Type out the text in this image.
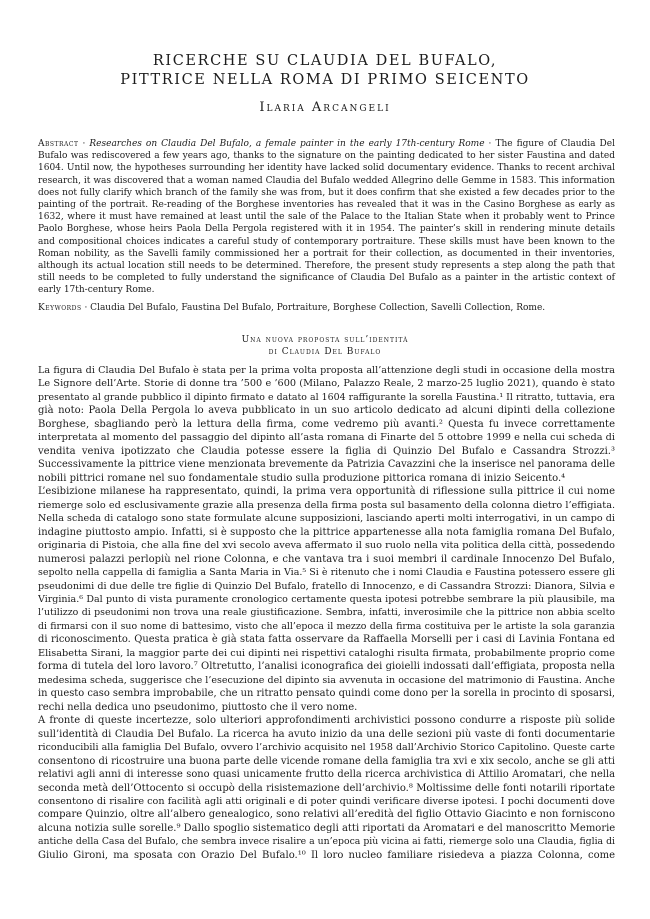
RICERCHE SU CLAUDIA DEL BUFALO,
PITTRICE NELLA ROMA DI PRIMO SEICENTO
Ilaria Arcangeli
Abstract · Researches on Claudia Del Bufalo, a female painter in the early 17th-century Rome · The figure of Claudia Del Bufalo was rediscovered a few years ago, thanks to the signature on the painting dedicated to her sister Faustina and dated 1604. Until now, the hypotheses surrounding her identity have lacked solid documentary evidence. Thanks to recent archival research, it was discovered that a woman named Claudia del Bufalo wedded Allegrino delle Gemme in 1583. This information does not fully clarify which branch of the family she was from, but it does confirm that she existed a few decades prior to the painting of the portrait. Re-reading of the Borghese inventories has revealed that it was in the Casino Borghese as early as 1632, where it must have remained at least until the sale of the Palace to the Italian State when it probably went to Prince Paolo Borghese, whose heirs Paola Della Pergola registered with it in 1954. The painter’s skill in rendering minute details and compositional choices indicates a careful study of contemporary portraiture. These skills must have been known to the Roman nobility, as the Savelli family commissioned her a portrait for their collection, as documented in their inventories, although its actual location still needs to be determined. Therefore, the present study represents a step along the path that still needs to be completed to fully understand the significance of Claudia Del Bufalo as a painter in the artistic context of early 17th-century Rome.
Keywords · Claudia Del Bufalo, Faustina Del Bufalo, Portraiture, Borghese Collection, Savelli Collection, Rome.
Una nuova proposta sull’identità
di Claudia Del Bufalo
La figura di Claudia Del Bufalo è stata per la prima volta proposta all’attenzione degli studi in occasione della mostra
Le Signore dell’Arte. Storie di donne tra ’500 e ’600 (Milano, Palazzo Reale, 2 marzo-25 luglio 2021), quando è stato
presentato al grande pubblico il dipinto firmato e datato al 1604 raffigurante la sorella Faustina.¹ Il ritratto, tuttavia, era
già noto: Paola Della Pergola lo aveva pubblicato in un suo articolo dedicato ad alcuni dipinti della collezione
Borghese, sbagliando però la lettura della firma, come vedremo più avanti.² Questa fu invece correttamente
interpretata al momento del passaggio del dipinto all’asta romana di Finarte del 5 ottobre 1999 e nella cui scheda di
vendita veniva ipotizzato che Claudia potesse essere la figlia di Quinzio Del Bufalo e Cassandra Strozzi.³
Successivamente la pittrice viene menzionata brevemente da Patrizia Cavazzini che la inserisce nel panorama delle
nobili pittrici romane nel suo fondamentale studio sulla produzione pittorica romana di inizio Seicento.⁴
L’esibizione milanese ha rappresentato, quindi, la prima vera opportunità di riflessione sulla pittrice il cui nome
riemerge solo ed esclusivamente grazie alla presenza della firma posta sul basamento della colonna dietro l’effigiata.
Nella scheda di catalogo sono state formulate alcune supposizioni, lasciando aperti molti interrogativi, in un campo di
indagine piuttosto ampio. Infatti, si è supposto che la pittrice appartenesse alla nota famiglia romana Del Bufalo,
originaria di Pistoia, che alla fine del xvi secolo aveva affermato il suo ruolo nella vita politica della città, possedendo
numerosi palazzi perlopiù nel rione Colonna, e che vantava tra i suoi membri il cardinale Innocenzo Del Bufalo,
sepolto nella cappella di famiglia a Santa Maria in Via.⁵ Si è ritenuto che i nomi Claudia e Faustina potessero essere gli
pseudonimi di due delle tre figlie di Quinzio Del Bufalo, fratello di Innocenzo, e di Cassandra Strozzi: Dianora, Silvia e
Virginia.⁶ Dal punto di vista puramente cronologico certamente questa ipotesi potrebbe sembrare la più plausibile, ma
l’utilizzo di pseudonimi non trova una reale giustificazione. Sembra, infatti, inverosimile che la pittrice non abbia scelto
di firmarsi con il suo nome di battesimo, visto che all’epoca il mezzo della firma costituiva per le artiste la sola garanzia
di riconoscimento. Questa pratica è già stata fatta osservare da Raffaella Morselli per i casi di Lavinia Fontana ed
Elisabetta Sirani, la maggior parte dei cui dipinti nei rispettivi cataloghi risulta firmata, probabilmente proprio come
forma di tutela del loro lavoro.⁷ Oltretutto, l’analisi iconografica dei gioielli indossati dall’effigiata, proposta nella
medesima scheda, suggerisce che l’esecuzione del dipinto sia avvenuta in occasione del matrimonio di Faustina. Anche
in questo caso sembra improbabile, che un ritratto pensato quindi come dono per la sorella in procinto di sposarsi,
rechi nella dedica uno pseudonimo, piuttosto che il vero nome.
A fronte di queste incertezze, solo ulteriori approfondimenti archivistici possono condurre a risposte più solide
sull’identità di Claudia Del Bufalo. La ricerca ha avuto inizio da una delle sezioni più vaste di fonti documentarie
riconducibili alla famiglia Del Bufalo, ovvero l’archivio acquisito nel 1958 dall’Archivio Storico Capitolino. Queste carte
consentono di ricostruire una buona parte delle vicende romane della famiglia tra xvi e xix secolo, anche se gli atti
relativi agli anni di interesse sono quasi unicamente frutto della ricerca archivistica di Attilio Aromatari, che nella
seconda metà dell’Ottocento si occupò della risistemazione dell’archivio.⁸ Moltissime delle fonti notarili riportate
consentono di risalire con facilità agli atti originali e di poter quindi verificare diverse ipotesi. I pochi documenti dove
compare Quinzio, oltre all’albero genealogico, sono relativi all’eredità del figlio Ottavio Giacinto e non forniscono
alcuna notizia sulle sorelle.⁹ Dallo spoglio sistematico degli atti riportati da Aromatari e del manoscritto Memorie
antiche della Casa del Bufalo, che sembra invece risalire a un’epoca più vicina ai fatti, riemerge solo una Claudia, figlia di
Giulio Gironi, ma sposata con Orazio Del Bufalo.¹⁰ Il loro nucleo familiare risiedeva a piazza Colonna, come
